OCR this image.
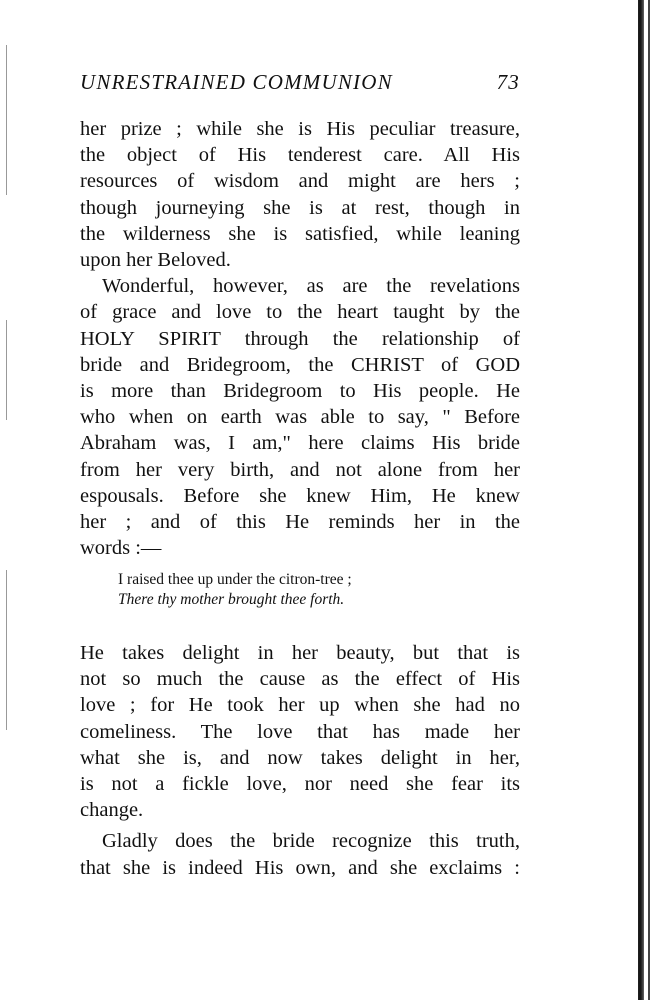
UNRESTRAINED COMMUNION	73

her prize ; while she is His peculiar treasure,
the object of His tenderest care. All His
resources of wisdom and might are hers ;
though journeying she is at rest, though in
the wilderness she is satisfied, while leaning
upon her Beloved.

Wonderful, however, as are the revelations
of grace and love to the heart taught by the
HOLY SPIRIT through the relationship of
bride and Bridegroom, the CHRIST of GOD
is more than Bridegroom to His people. He
who when on earth was able to say, " Before
Abraham was, I am," here claims His bride
from her very birth, and not alone from her
espousals. Before she knew Him, He knew
her ; and of this He reminds her in the
words :—

I raised thee up under the citron-tree ;
There thy mother brought thee forth.

He takes delight in her beauty, but that is
not so much the cause as the effect of His
love ; for He took her up when she had no
comeliness. The love that has made her
what she is, and now takes delight in her,
is not a fickle love, nor need she fear its
change.

Gladly does the bride recognize this truth,
that she is indeed His own, and she exclaims :
